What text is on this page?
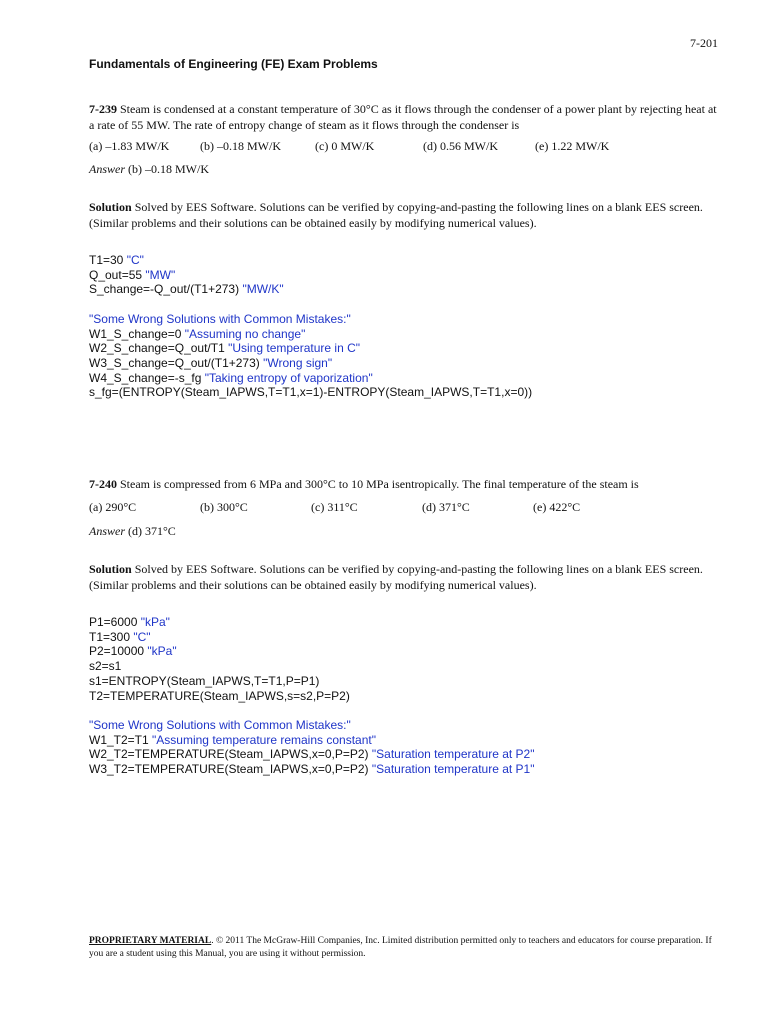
7-201
Fundamentals of Engineering (FE) Exam Problems
7-239 Steam is condensed at a constant temperature of 30°C as it flows through the condenser of a power plant by rejecting heat at a rate of 55 MW. The rate of entropy change of steam as it flows through the condenser is
(a) –1.83 MW/K	(b) –0.18 MW/K	(c) 0 MW/K	(d) 0.56 MW/K	(e) 1.22 MW/K
Answer (b) –0.18 MW/K
Solution Solved by EES Software. Solutions can be verified by copying-and-pasting the following lines on a blank EES screen. (Similar problems and their solutions can be obtained easily by modifying numerical values).
T1=30 "C"
Q_out=55 "MW"
S_change=-Q_out/(T1+273) "MW/K"

"Some Wrong Solutions with Common Mistakes:"
W1_S_change=0 "Assuming no change"
W2_S_change=Q_out/T1 "Using temperature in C"
W3_S_change=Q_out/(T1+273) "Wrong sign"
W4_S_change=-s_fg "Taking entropy of vaporization"
s_fg=(ENTROPY(Steam_IAPWS,T=T1,x=1)-ENTROPY(Steam_IAPWS,T=T1,x=0))
7-240 Steam is compressed from 6 MPa and 300°C to 10 MPa isentropically. The final temperature of the steam is
(a) 290°C	(b) 300°C	(c) 311°C	(d) 371°C	(e) 422°C
Answer (d) 371°C
Solution Solved by EES Software. Solutions can be verified by copying-and-pasting the following lines on a blank EES screen. (Similar problems and their solutions can be obtained easily by modifying numerical values).
P1=6000 "kPa"
T1=300 "C"
P2=10000 "kPa"
s2=s1
s1=ENTROPY(Steam_IAPWS,T=T1,P=P1)
T2=TEMPERATURE(Steam_IAPWS,s=s2,P=P2)

"Some Wrong Solutions with Common Mistakes:"
W1_T2=T1 "Assuming temperature remains constant"
W2_T2=TEMPERATURE(Steam_IAPWS,x=0,P=P2) "Saturation temperature at P2"
W3_T2=TEMPERATURE(Steam_IAPWS,x=0,P=P2) "Saturation temperature at P1"
PROPRIETARY MATERIAL. © 2011 The McGraw-Hill Companies, Inc. Limited distribution permitted only to teachers and educators for course preparation. If you are a student using this Manual, you are using it without permission.
